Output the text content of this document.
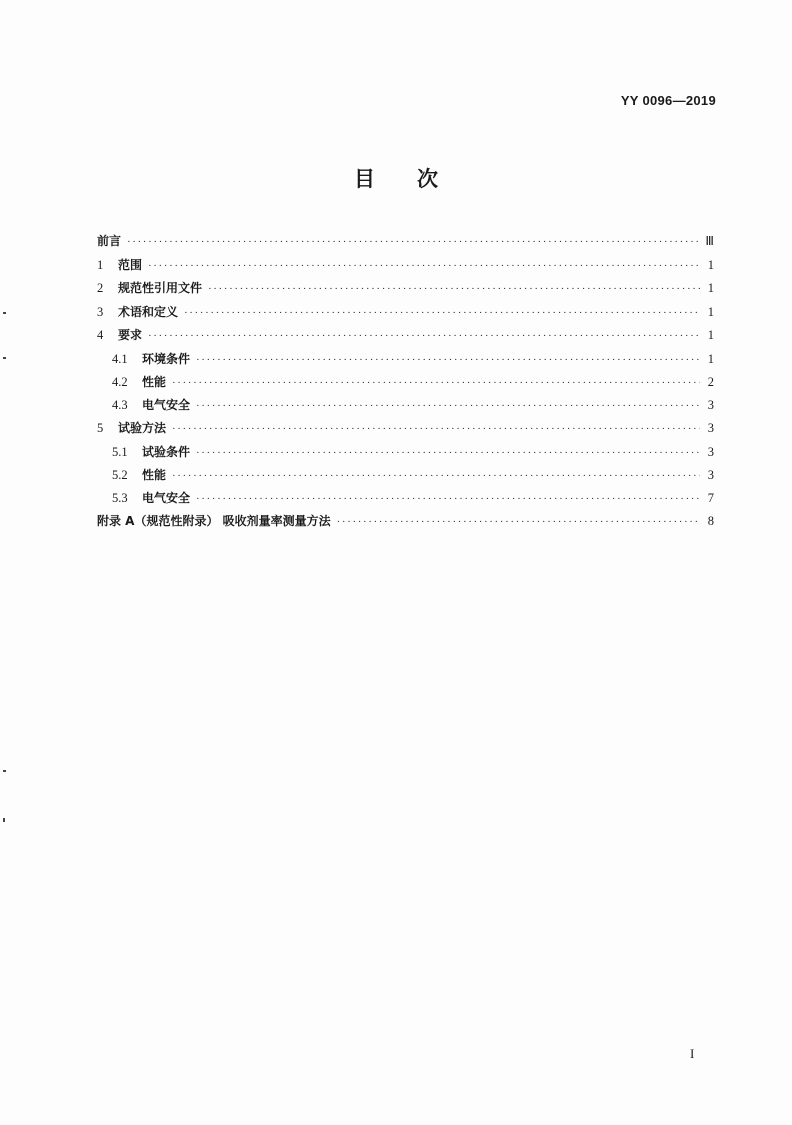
YY 0096—2019
目 次
前言 ·····	Ⅲ
1	范围 ·····	1
2	规范性引用文件 ·····	1
3	术语和定义 ·····	1
4	要求 ·····	1
4.1	环境条件 ·····	1
4.2	性能 ·····	2
4.3	电气安全 ·····	3
5	试验方法 ·····	3
5.1	试验条件 ·····	3
5.2	性能 ·····	3
5.3	电气安全 ·····	7
附录 A（规范性附录） 吸收剂量率测量方法 ·····	8
I
